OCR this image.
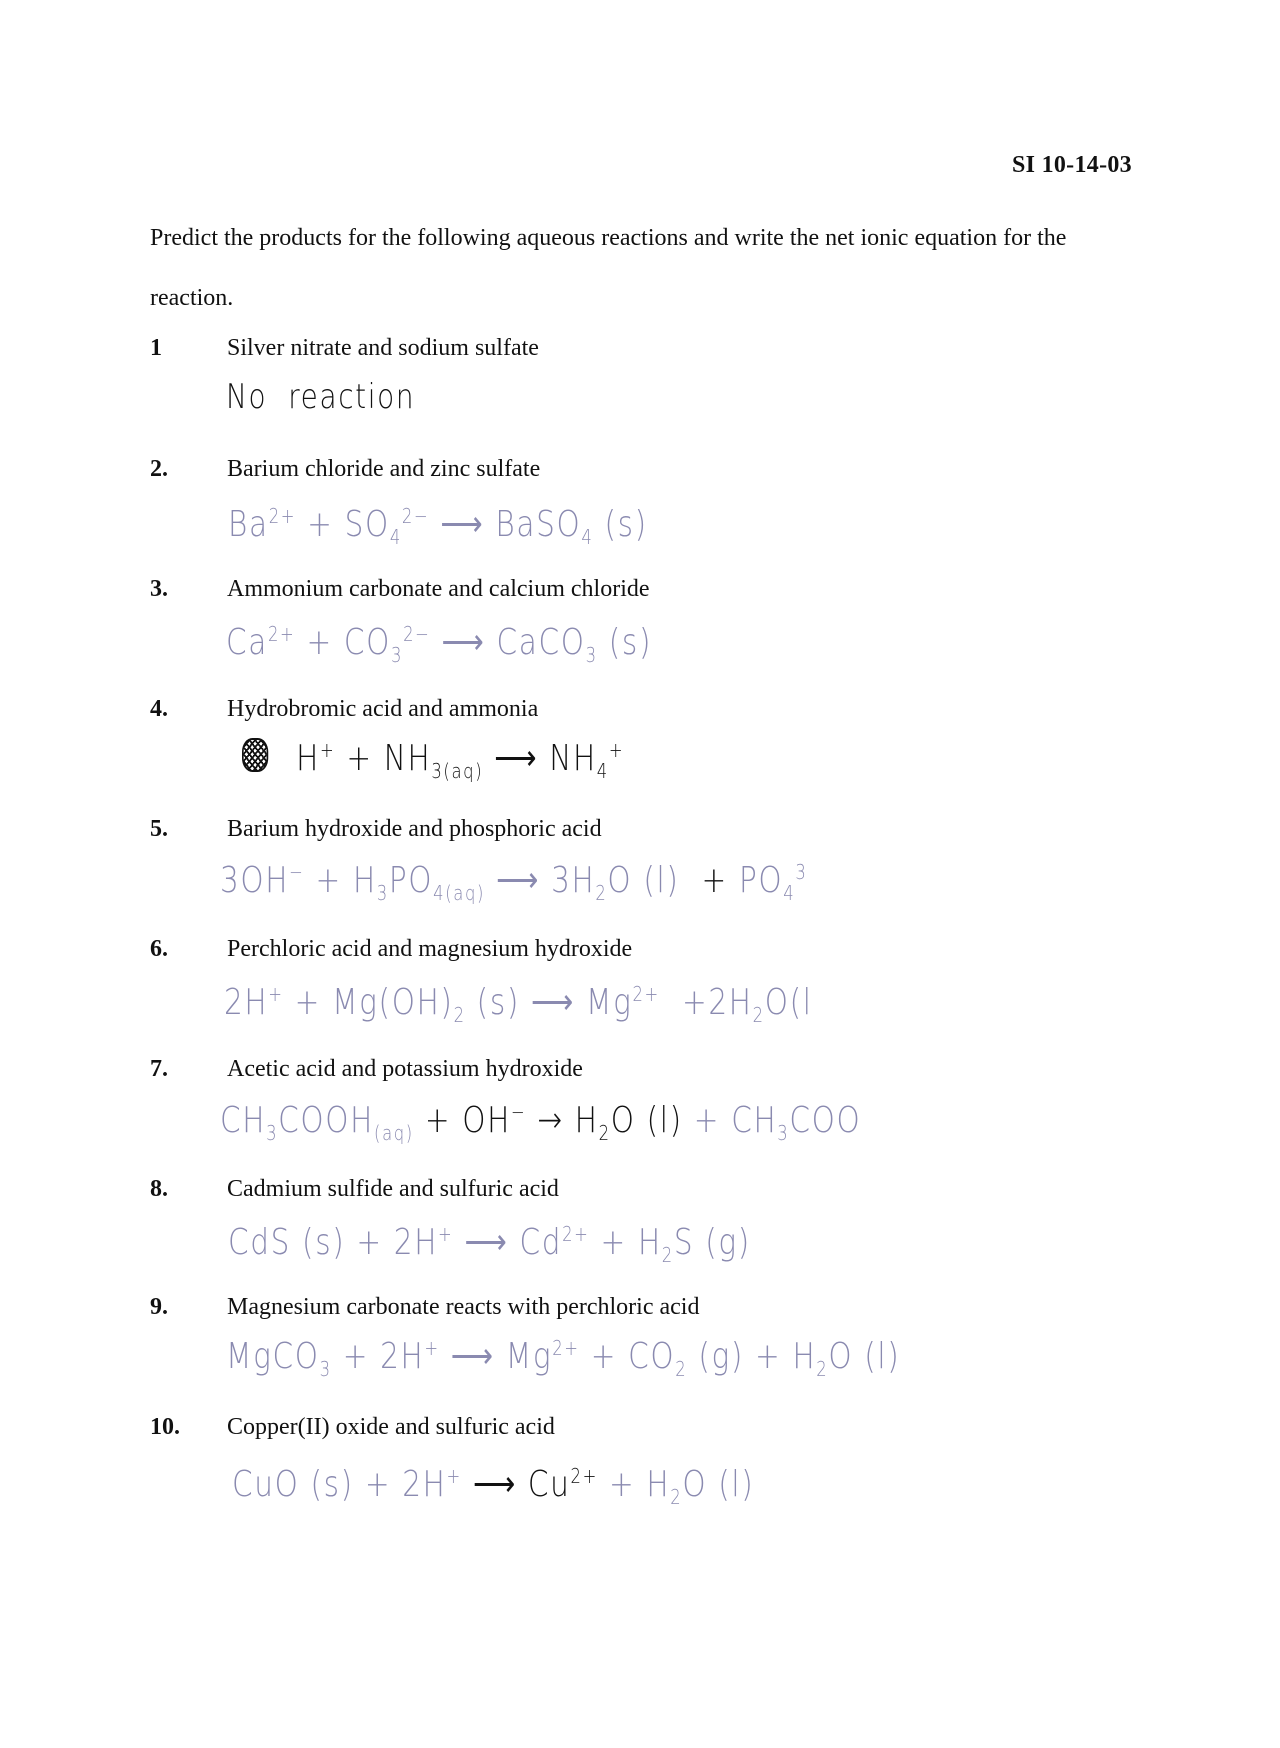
SI 10-14-03
Predict the products for the following aqueous reactions and write the net ionic equation for the reaction.
1	Silver nitrate and sodium sulfate
No  reaction
2. Barium chloride and zinc sulfate
$Ba^{2+} + SO_4^{2-}$ ⟶ BaSO$_4$ (s)
3. Ammonium carbonate and calcium chloride
$Ca^{2+} + CO_3^{2-}$ ⟶ CaCO$_3$ (s)
4. Hydrobromic acid and ammonia
$H^+ + NH_{3(aq)}$ ⟶ $NH_4^+$
5. Barium hydroxide and phosphoric acid
$3OH^- + H_3PO_{4(aq)}$ ⟶ $3H_2O$ $(l) + PO_4^3$
6. Perchloric acid and magnesium hydroxide
$2H^+ + Mg(OH)_2$ (s) ⟶ $Mg^{2+} +2H_2O(l$
7. Acetic acid and potassium hydroxide
$CH_3COOH_{(aq)} + OH^- \to H_2O$ $(l) + CH_3COO$
8. Cadmium sulfide and sulfuric acid
CdS (s) + 2H+ ⟶ $Cd^{2+} + H_2S$ (g)
9. Magnesium carbonate reacts with perchloric acid
MgCO$_3$ + 2H+ ⟶ $Mg^{2+} + CO_2$ $(g) + H_2O$ (l)
10. Copper(II) oxide and sulfuric acid
CuO (s) + 2H+ ⟶ $Cu^{2+} + H_2O$ (l)
